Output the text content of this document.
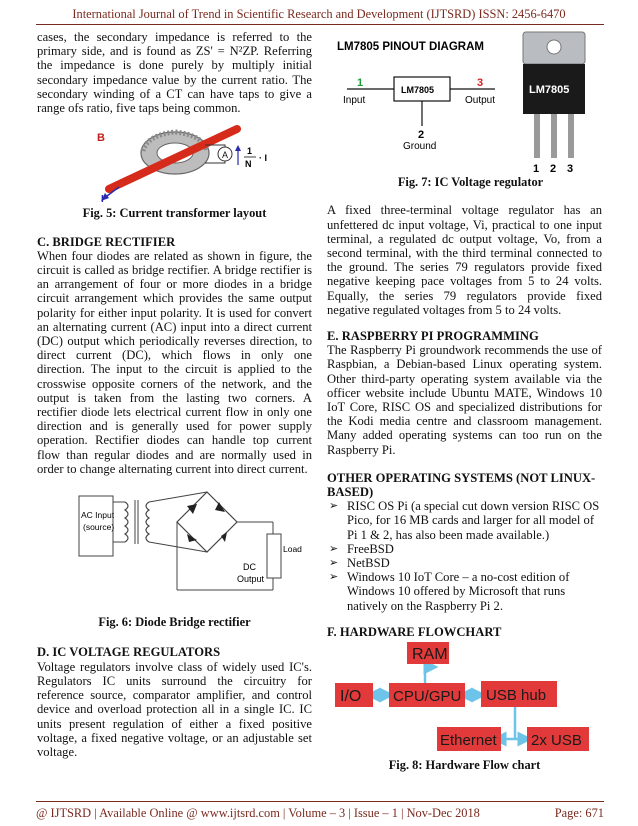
International Journal of Trend in Scientific Research and Development (IJTSRD) ISSN: 2456-6470
@ IJTSRD | Available Online @ www.ijtsrd.com | Volume – 3 | Issue – 1 | Nov-Dec 2018	Page: 671

cases, the secondary impedance is referred to the primary side, and is found as ZS' = N²ZP. Referring the impedance is done purely by multiply initial secondary impedance value by the current ratio. The secondary winding of a CT can have taps to give a range ofs ratio, five taps being common.

B
I
A 1
N
· I
Fig. 5: Current transformer layout
C. BRIDGE RECTIFIER

When four diodes are related as shown in figure, the circuit is called as bridge rectifier. A bridge rectifier is an arrangement of four or more diodes in a bridge circuit arrangement which provides the same output polarity for either input polarity. It is used for convert an alternating current (AC) input into a direct current (DC) output which periodically reverses direction, to direct current (DC), which flows in only one direction. The input to the circuit is applied to the crosswise opposite corners of the network, and the output is taken from the lasting two corners. A rectifier diode lets electrical current flow in only one direction and is generally used for power supply operation. Rectifier diodes can handle top current flow than regular diodes and are normally used in order to change alternating current into direct current.

AC Input
(source)
Load
DC
Output
Fig. 6: Diode Bridge rectifier
D. IC VOLTAGE REGULATORS

Voltage regulators involve class of widely used IC's. Regulators IC units surround the circuitry for reference source, comparator amplifier, and control device and overload protection all in a single IC. IC units present regulation of either a fixed positive voltage, a fixed negative voltage, or an adjustable set voltage.

LM7805 PINOUT DIAGRAM
LM7805
1
Input
3
Output
2
Ground
LM7805
1 2 3
Fig. 7: IC Voltage regulator

A fixed three-terminal voltage regulator has an unfettered dc input voltage, Vi, practical to one input terminal, a regulated dc output voltage, Vo, from a second terminal, with the third terminal connected to the ground. The series 79 regulators provide fixed negative keeping pace voltages from 5 to 24 volts. Equally, the series 79 regulators provide fixed negative regulated voltages from 5 to 24 volts.

E. RASPBERRY PI PROGRAMMING

The Raspberry Pi groundwork recommends the use of Raspbian, a Debian-based Linux operating system. Other third-party operating system available via the officer website include Ubuntu MATE, Windows 10 IoT Core, RISC OS and specialized distributions for the Kodi media centre and classroom management. Many added operating systems can too run on the Raspberry Pi.

OTHER OPERATING SYSTEMS (NOT LINUX-BASED)
➢ RISC OS Pi (a special cut down version RISC OS Pico, for 16 MB cards and larger for all model of Pi 1 & 2, has also been made available.)
➢ FreeBSD
➢ NetBSD
➢ Windows 10 IoT Core – a no-cost edition of Windows 10 offered by Microsoft that runs natively on the Raspberry Pi 2.
F. HARDWARE FLOWCHART
RAM
I/O CPU/GPU USB hub
Ethernet 2x USB
Fig. 8: Hardware Flow chart
